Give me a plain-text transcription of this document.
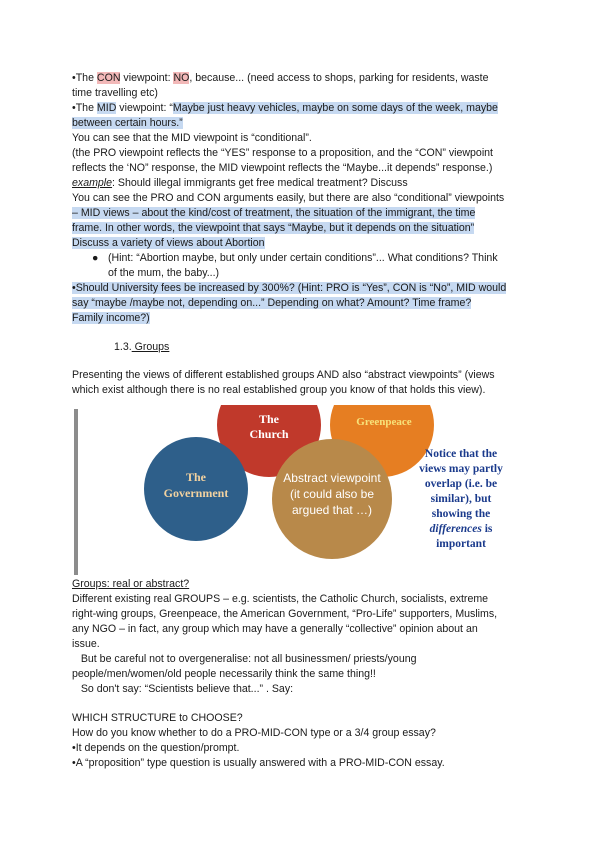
•The CON viewpoint: NO, because... (need access to shops, parking for residents, waste
time travelling etc)
•The MID viewpoint: “Maybe just heavy vehicles, maybe on some days of the week, maybe
between certain hours.”
You can see that the MID viewpoint is “conditional”.
(the PRO viewpoint reflects the “YES” response to a proposition, and the “CON” viewpoint
reflects the ‘NO” response, the MID viewpoint reflects the “Maybe...it depends” response.)
example: Should illegal immigrants get free medical treatment? Discuss
You can see the PRO and CON arguments easily, but there are also “conditional” viewpoints
– MID views – about the kind/cost of treatment, the situation of the immigrant, the time
frame. In other words, the viewpoint that says “Maybe, but it depends on the situation”
Discuss a variety of views about Abortion
● (Hint: “Abortion maybe, but only under certain conditions”... What conditions? Think
of the mum, the baby...)
•Should University fees be increased by 300%? (Hint: PRO is “Yes”, CON is “No”, MID would
say “maybe /maybe not, depending on...” Depending on what? Amount? Time frame?
Family income?)
1.3. Groups
Presenting the views of different established groups AND also “abstract viewpoints” (views
which exist although there is no real established group you know of that holds this view).
The
Church
Greenpeace
The
Government
Abstract viewpoint
(it could also be
argued that …)
Notice that the
views may partly
overlap (i.e. be
similar), but
showing the
differences is
important
Groups: real or abstract?
Different existing real GROUPS – e.g. scientists, the Catholic Church, socialists, extreme
right-wing groups, Greenpeace, the American Government, “Pro-Life” supporters, Muslims,
any NGO – in fact, any group which may have a generally “collective” opinion about an
issue.
But be careful not to overgeneralise: not all businessmen/ priests/young
people/men/women/old people necessarily think the same thing!!
So don't say: “Scientists believe that...” . Say:
WHICH STRUCTURE to CHOOSE?
How do you know whether to do a PRO-MID-CON type or a 3/4 group essay?
•It depends on the question/prompt.
•A “proposition” type question is usually answered with a PRO-MID-CON essay.
